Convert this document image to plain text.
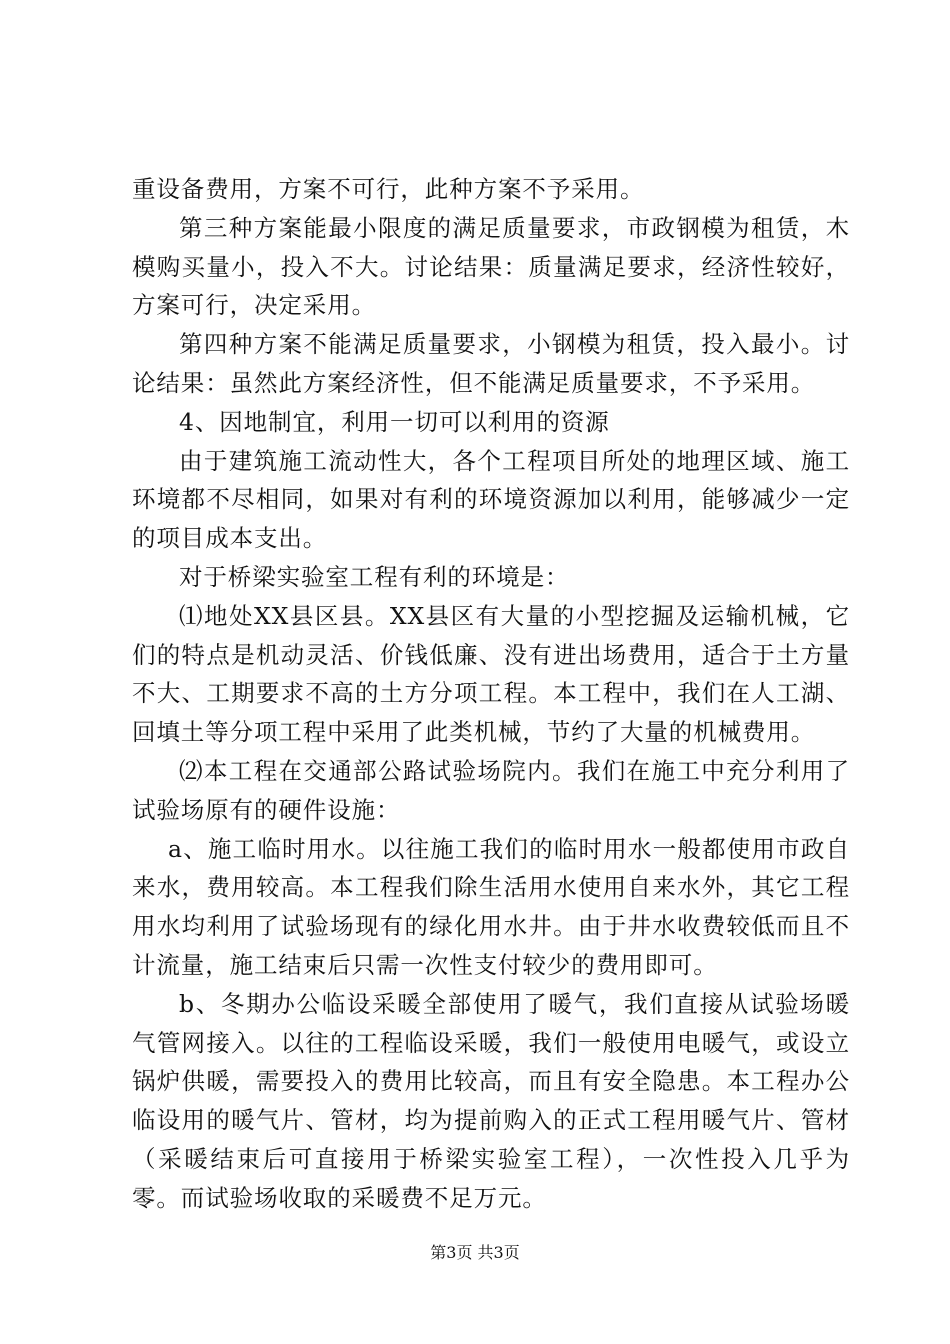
重设备费用，方案不可行，此种方案不予采用。

第三种方案能最小限度的满足质量要求，市政钢模为租赁，木模购买量小，投入不大。讨论结果：质量满足要求，经济性较好，方案可行，决定采用。

第四种方案不能满足质量要求，小钢模为租赁，投入最小。讨论结果：虽然此方案经济性，但不能满足质量要求，不予采用。

4、因地制宜，利用一切可以利用的资源

由于建筑施工流动性大，各个工程项目所处的地理区域、施工环境都不尽相同，如果对有利的环境资源加以利用，能够减少一定的项目成本支出。

对于桥梁实验室工程有利的环境是：

⑴地处XX县区县。XX县区有大量的小型挖掘及运输机械，它们的特点是机动灵活、价钱低廉、没有进出场费用，适合于土方量不大、工期要求不高的土方分项工程。本工程中，我们在人工湖、回填土等分项工程中采用了此类机械，节约了大量的机械费用。

⑵本工程在交通部公路试验场院内。我们在施工中充分利用了试验场原有的硬件设施：

a、施工临时用水。以往施工我们的临时用水一般都使用市政自来水，费用较高。本工程我们除生活用水使用自来水外，其它工程用水均利用了试验场现有的绿化用水井。由于井水收费较低而且不计流量，施工结束后只需一次性支付较少的费用即可。

b、冬期办公临设采暖全部使用了暖气，我们直接从试验场暖气管网接入。以往的工程临设采暖，我们一般使用电暖气，或设立锅炉供暖，需要投入的费用比较高，而且有安全隐患。本工程办公临设用的暖气片、管材，均为提前购入的正式工程用暖气片、管材（采暖结束后可直接用于桥梁实验室工程），一次性投入几乎为零。而试验场收取的采暖费不足万元。

第3页 共3页
